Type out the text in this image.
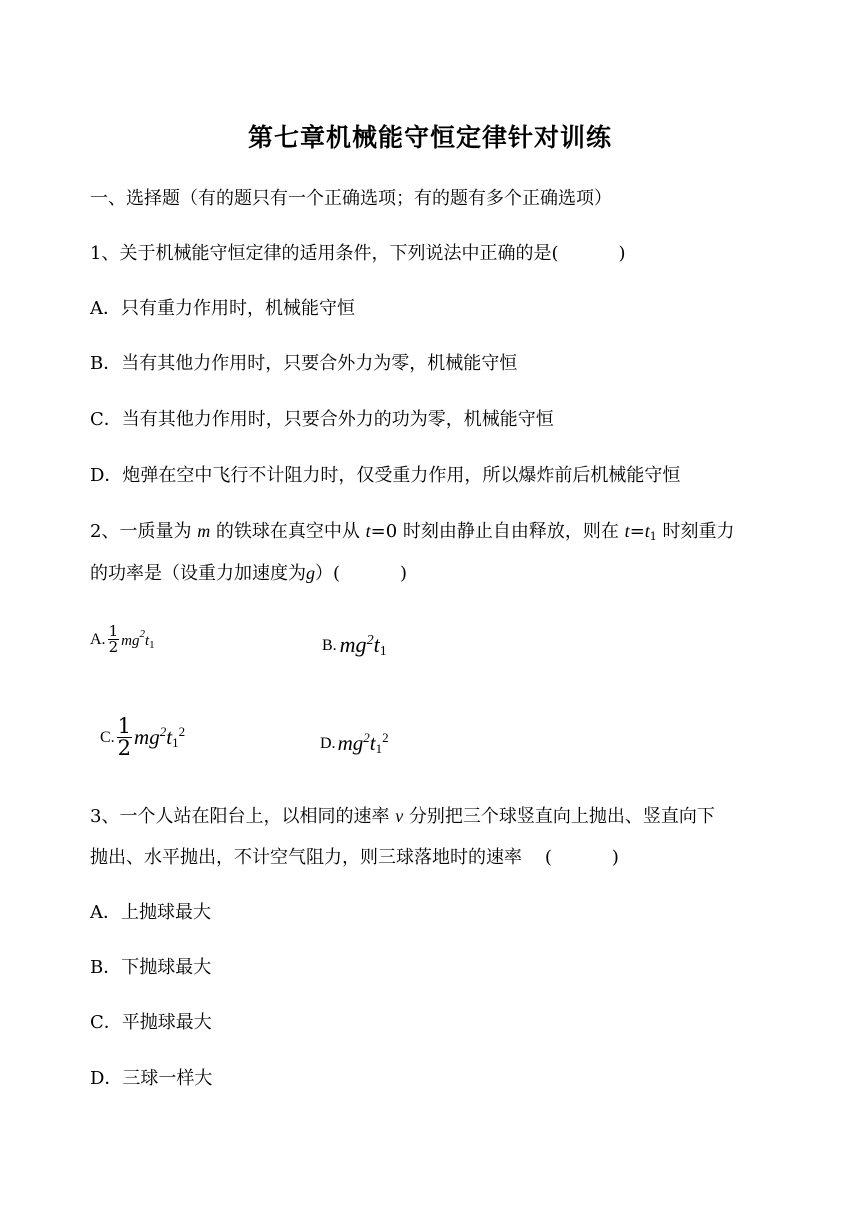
第七章机械能守恒定律针对训练
一、选择题（有的题只有一个正确选项；有的题有多个正确选项）
1、关于机械能守恒定律的适用条件，下列说法中正确的是(	)
A．只有重力作用时，机械能守恒
B．当有其他力作用时，只要合外力为零，机械能守恒
C．当有其他力作用时，只要合外力的功为零，机械能守恒
D．炮弹在空中飞行不计阻力时，仅受重力作用，所以爆炸前后机械能守恒
2、一质量为 m 的铁球在真空中从 t=0 时刻由静止自由释放，则在 $t=t_1$ 时刻重力
的功率是（设重力加速度为g）(	)
A. $\frac{1}{2} mg^2t_1$	B. $mg^2t_1$
C. $\frac{1}{2} mg^2t_1^2$
D. $mg^2t_1^2$
3、一个人站在阳台上，以相同的速率 v 分别把三个球竖直向上抛出、竖直向下
抛出、水平抛出，不计空气阻力，则三球落地时的速率 (	)
A．上抛球最大
B．下抛球最大
C．平抛球最大
D．三球一样大
